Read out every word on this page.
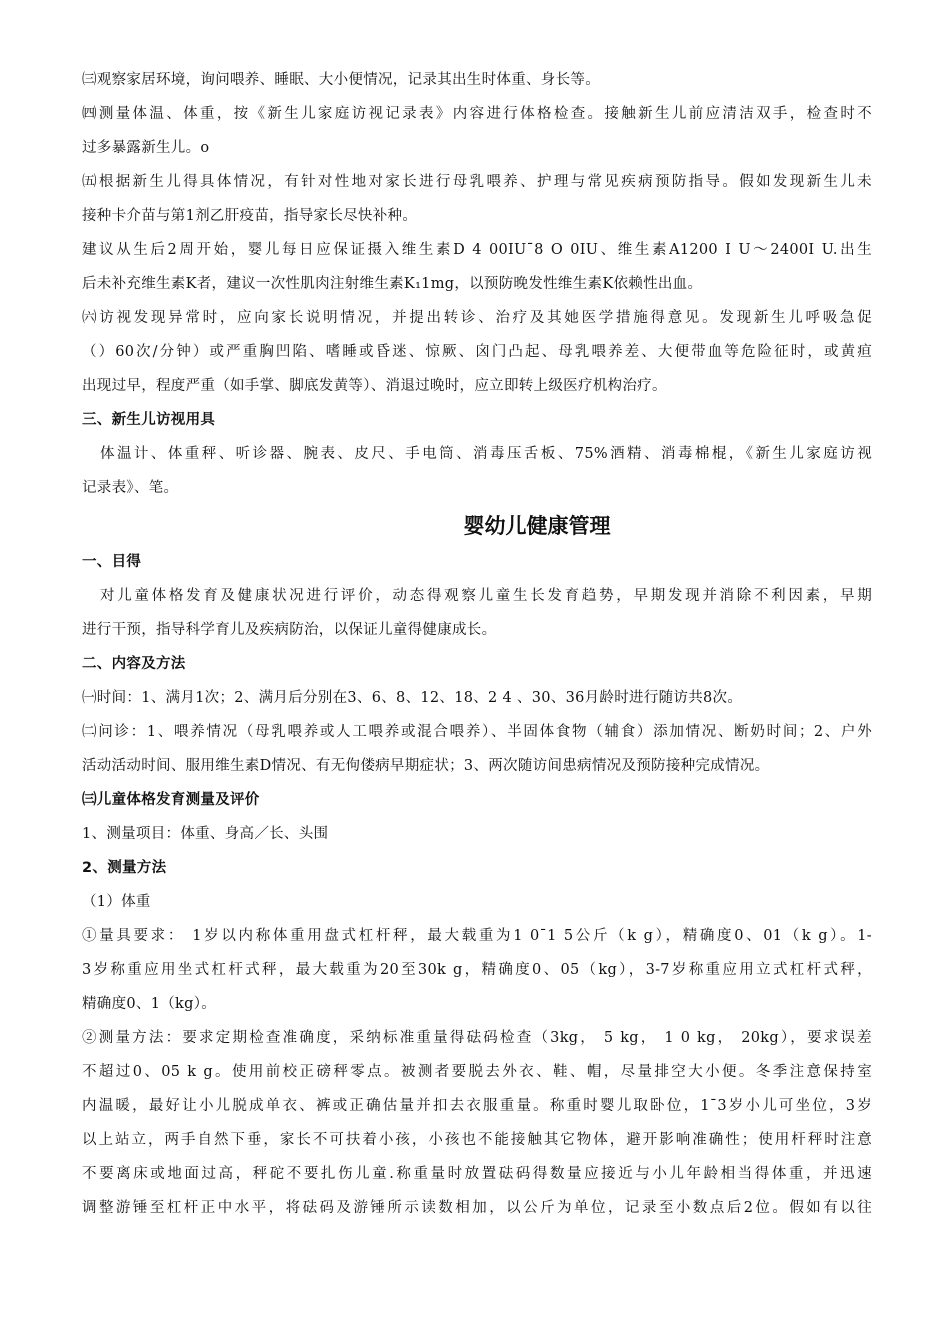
㈢观察家居环境，询问喂养、睡眠、大小便情况，记录其出生时体重、身长等。
㈣测量体温、体重，按《新生儿家庭访视记录表》内容进行体格检查。接触新生儿前应清洁双手，检查时不
过多暴露新生儿。o
㈤根据新生儿得具体情况，有针对性地对家长进行母乳喂养、护理与常见疾病预防指导。假如发现新生儿未
接种卡介苗与第1剂乙肝疫苗，指导家长尽快补种。
建议从生后2周开始，婴儿每日应保证摄入维生素D 4 00IU¯8 O 0IU、维生素A1200 I U～2400I U.出生
后未补充维生素K者，建议一次性肌肉注射维生素K₁1mg，以预防晚发性维生素K依赖性出血。
㈥访视发现异常时，应向家长说明情况，并提出转诊、治疗及其她医学措施得意见。发现新生儿呼吸急促
（）60次/分钟）或严重胸凹陷、嗜睡或昏迷、惊厥、囟门凸起、母乳喂养差、大便带血等危险征时，或黄疸
出现过早，程度严重（如手掌、脚底发黄等）、消退过晚时，应立即转上级医疗机构治疗。
三、新生儿访视用具
体温计、体重秤、听诊器、腕表、皮尺、手电筒、消毒压舌板、75%酒精、消毒棉棍，《新生儿家庭访视
记录表》、笔。
婴幼儿健康管理
一、目得
对儿童体格发育及健康状况进行评价，动态得观察儿童生长发育趋势，早期发现并消除不利因素，早期
进行干预，指导科学育儿及疾病防治，以保证儿童得健康成长。
二、内容及方法
㈠时间：1、满月1次；2、满月后分别在3、6、8、12、18、2 4 、30、36月龄时进行随访共8次。
㈡问诊：1、喂养情况（母乳喂养或人工喂养或混合喂养）、半固体食物（辅食）添加情况、断奶时间；2、户外
活动活动时间、服用维生素D情况、有无佝偻病早期症状；3、两次随访间患病情况及预防接种完成情况。
㈢儿童体格发育测量及评价
1、测量项目：体重、身高／长、头围
2、测量方法
（1）体重
①量具要求： 1岁以内称体重用盘式杠杆秤，最大载重为1 0¯1 5公斤（k g），精确度0、01（k g）。1-
3岁称重应用坐式杠杆式秤，最大载重为20至30k g，精确度0、05（kg），3-7岁称重应用立式杠杆式秤，
精确度0、1（kg）。
②测量方法：要求定期检查准确度，采纳标准重量得砝码检查（3kg， 5 kg， 1 0 kg， 20kg），要求误差
不超过0、05 k g。使用前校正磅秤零点。被测者要脱去外衣、鞋、帽，尽量排空大小便。冬季注意保持室
内温暖，最好让小儿脱成单衣、裤或正确估量并扣去衣服重量。称重时婴儿取卧位，1¯3岁小儿可坐位，3岁
以上站立，两手自然下垂，家长不可扶着小孩，小孩也不能接触其它物体，避开影响准确性；使用杆秤时注意
不要离床或地面过高，秤砣不要扎伤儿童.称重量时放置砝码得数量应接近与小儿年龄相当得体重，并迅速
调整游锤至杠杆正中水平，将砝码及游锤所示读数相加，以公斤为单位，记录至小数点后2位。假如有以往
